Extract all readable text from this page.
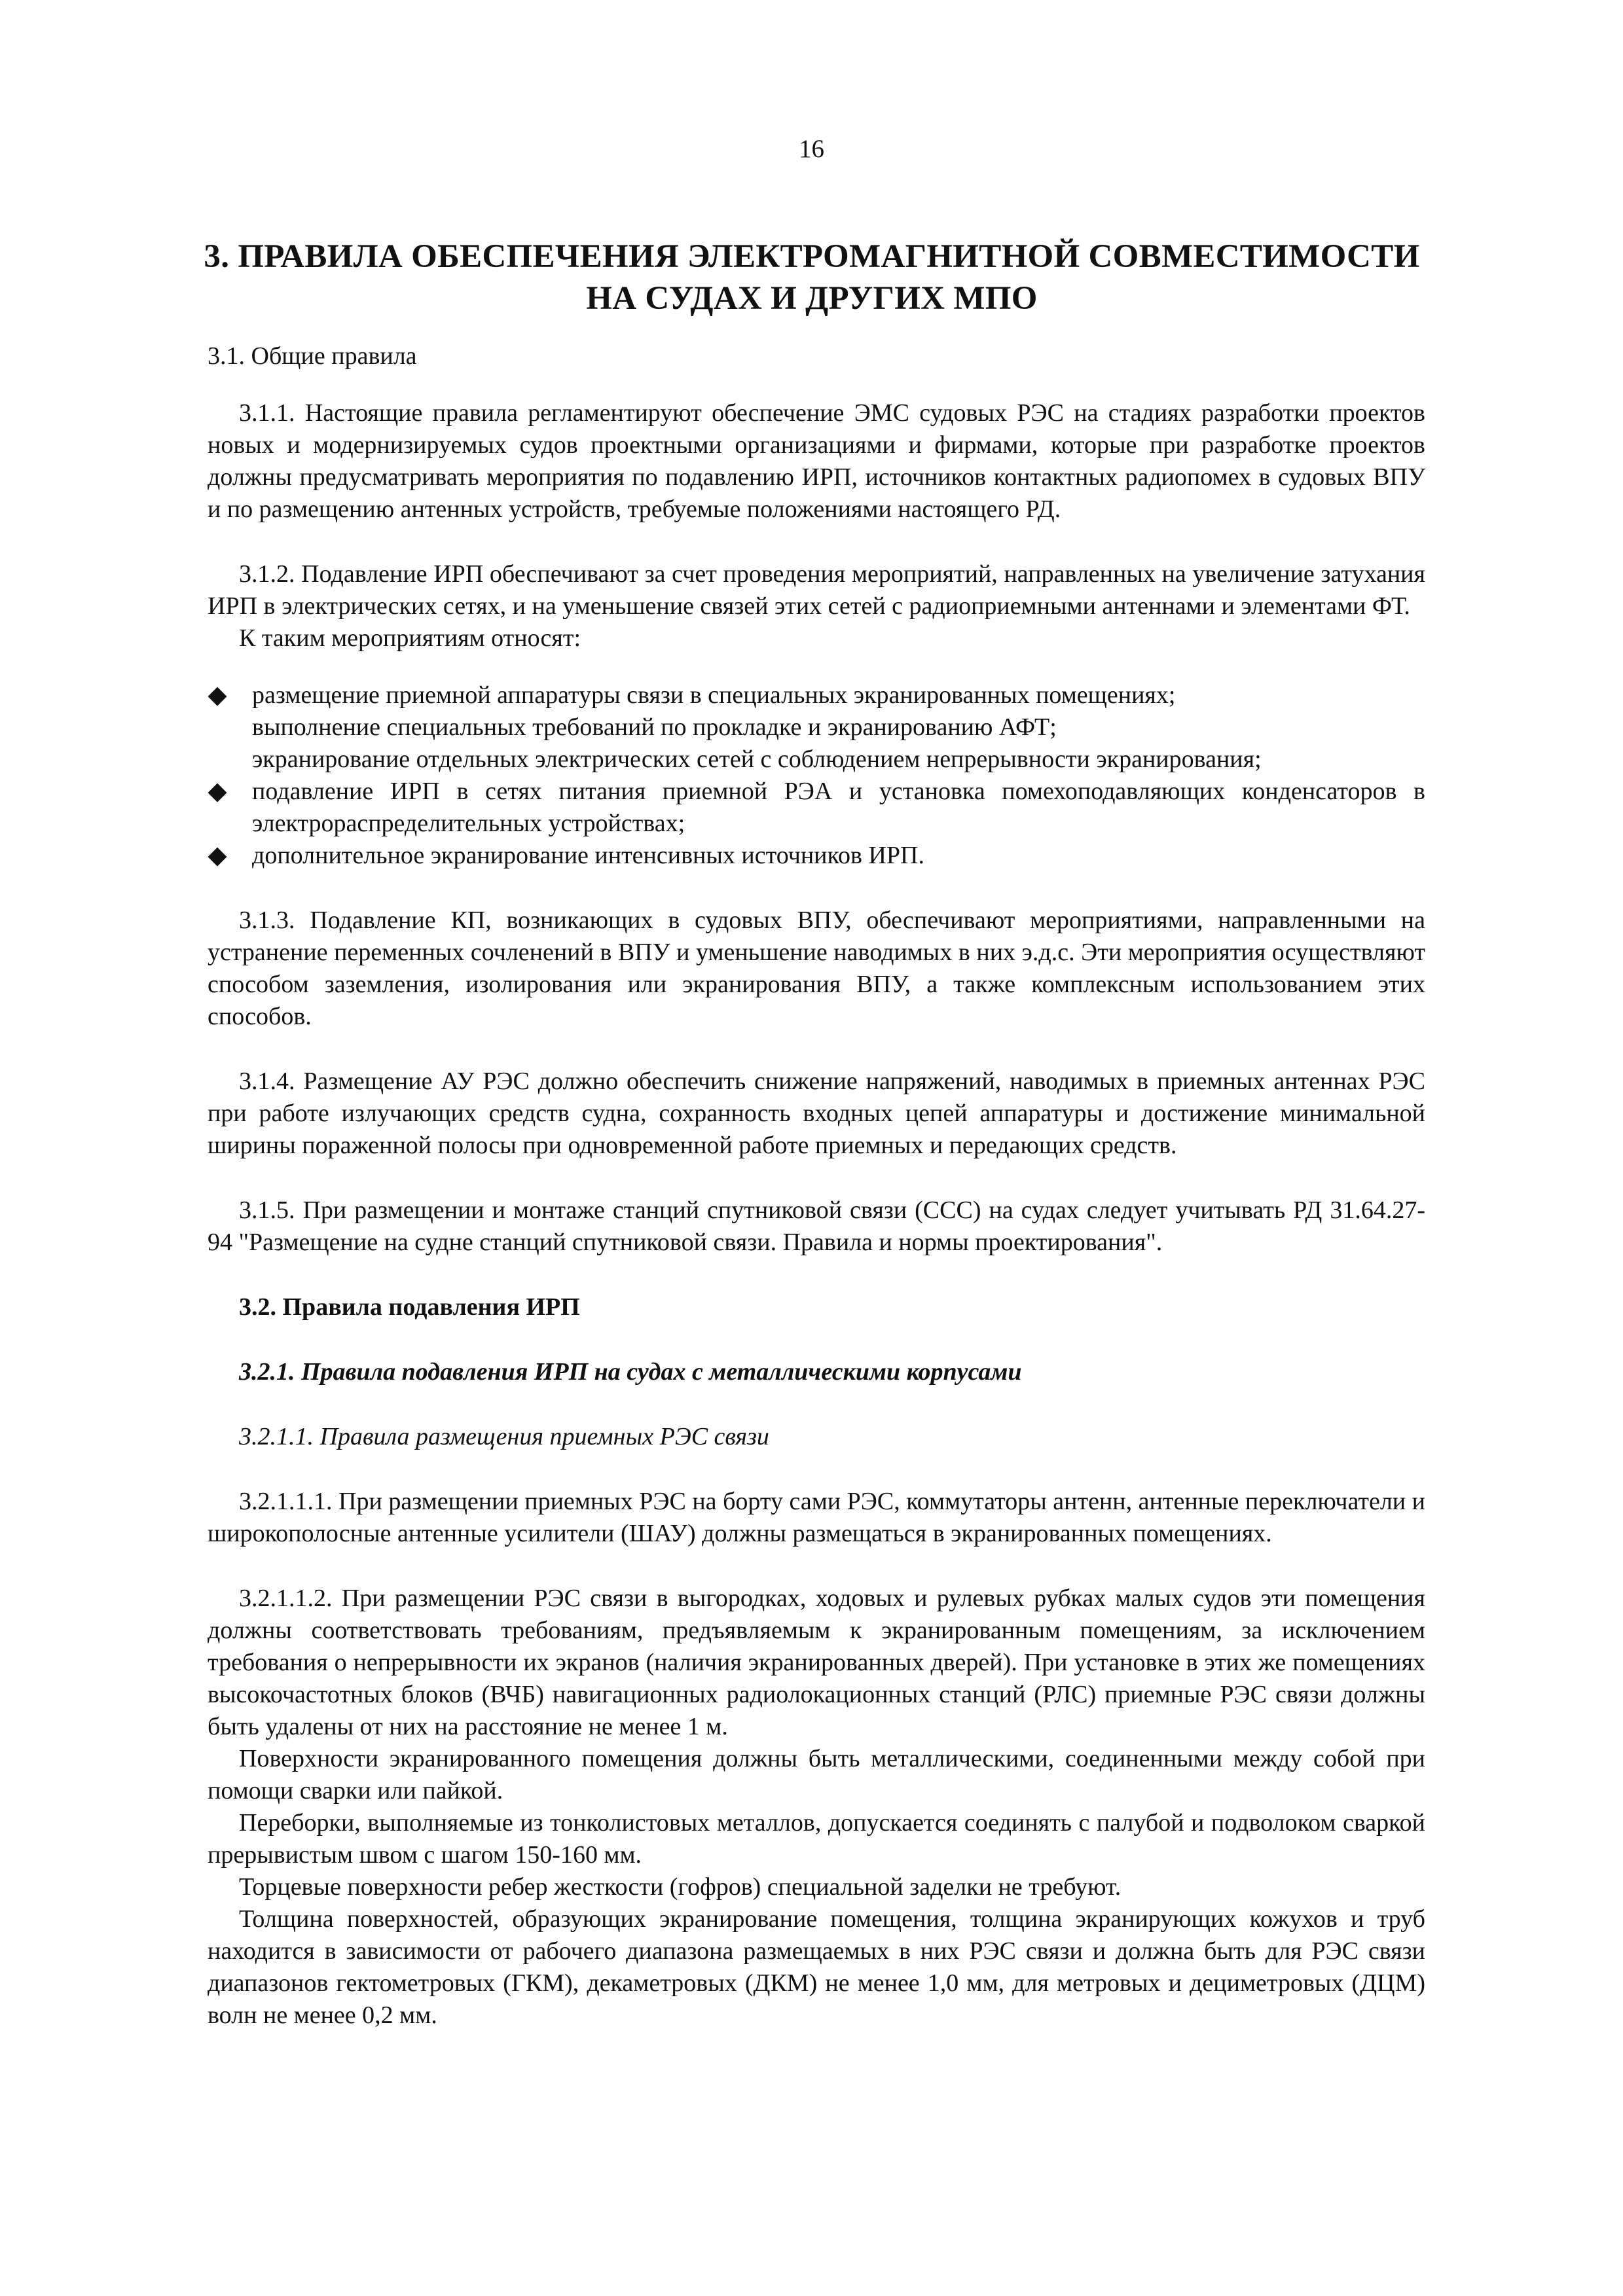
16
3. ПРАВИЛА ОБЕСПЕЧЕНИЯ ЭЛЕКТРОМАГНИТНОЙ СОВМЕСТИМОСТИ
НА СУДАХ И ДРУГИХ МПО
3.1. Общие правила

3.1.1. Настоящие правила регламентируют обеспечение ЭМС судовых РЭС на стадиях разработки проектов новых и модернизируемых судов проектными организациями и фирмами, которые при разработке проектов должны предусматривать мероприятия по подавлению ИРП, источников контактных радиопомех в судовых ВПУ и по размещению антенных устройств, требуемые положениями настоящего РД.

3.1.2. Подавление ИРП обеспечивают за счет проведения мероприятий, направленных на увеличение затухания ИРП в электрических сетях, и на уменьшение связей этих сетей с радиоприемными антеннами и элементами ФТ.

К таким мероприятиям относят:

◆ размещение приемной аппаратуры связи в специальных экранированных помещениях;
выполнение специальных требований по прокладке и экранированию АФТ;
экранирование отдельных электрических сетей с соблюдением непрерывности экранирования;
◆ подавление ИРП в сетях питания приемной РЭА и установка помехоподавляющих конденсаторов в электрораспределительных устройствах;
◆ дополнительное экранирование интенсивных источников ИРП.

3.1.3. Подавление КП, возникающих в судовых ВПУ, обеспечивают мероприятиями, направленными на устранение переменных сочленений в ВПУ и уменьшение наводимых в них э.д.с. Эти мероприятия осуществляют способом заземления, изолирования или экранирования ВПУ, а также комплексным использованием этих способов.

3.1.4. Размещение АУ РЭС должно обеспечить снижение напряжений, наводимых в приемных антеннах РЭС при работе излучающих средств судна, сохранность входных цепей аппаратуры и достижение минимальной ширины пораженной полосы при одновременной работе приемных и передающих средств.

3.1.5. При размещении и монтаже станций спутниковой связи (ССС) на судах следует учитывать РД 31.64.27-94 "Размещение на судне станций спутниковой связи. Правила и нормы проектирования".

3.2. Правила подавления ИРП
3.2.1. Правила подавления ИРП на судах с металлическими корпусами
3.2.1.1. Правила размещения приемных РЭС связи

3.2.1.1.1. При размещении приемных РЭС на борту сами РЭС, коммутаторы антенн, антенные переключатели и широкополосные антенные усилители (ШАУ) должны размещаться в экранированных помещениях.

3.2.1.1.2. При размещении РЭС связи в выгородках, ходовых и рулевых рубках малых судов эти помещения должны соответствовать требованиям, предъявляемым к экранированным помещениям, за исключением требования о непрерывности их экранов (наличия экранированных дверей). При установке в этих же помещениях высокочастотных блоков (ВЧБ) навигационных радиолокационных станций (РЛС) приемные РЭС связи должны быть удалены от них на расстояние не менее 1 м.

Поверхности экранированного помещения должны быть металлическими, соединенными между собой при помощи сварки или пайкой.

Переборки, выполняемые из тонколистовых металлов, допускается соединять с палубой и подволоком сваркой прерывистым швом с шагом 150-160 мм.

Торцевые поверхности ребер жесткости (гофров) специальной заделки не требуют.

Толщина поверхностей, образующих экранирование помещения, толщина экранирующих кожухов и труб находится в зависимости от рабочего диапазона размещаемых в них РЭС связи и должна быть для РЭС связи диапазонов гектометровых (ГКМ), декаметровых (ДКМ) не менее 1,0 мм, для метровых и дециметровых (ДЦМ) волн не менее 0,2 мм.
